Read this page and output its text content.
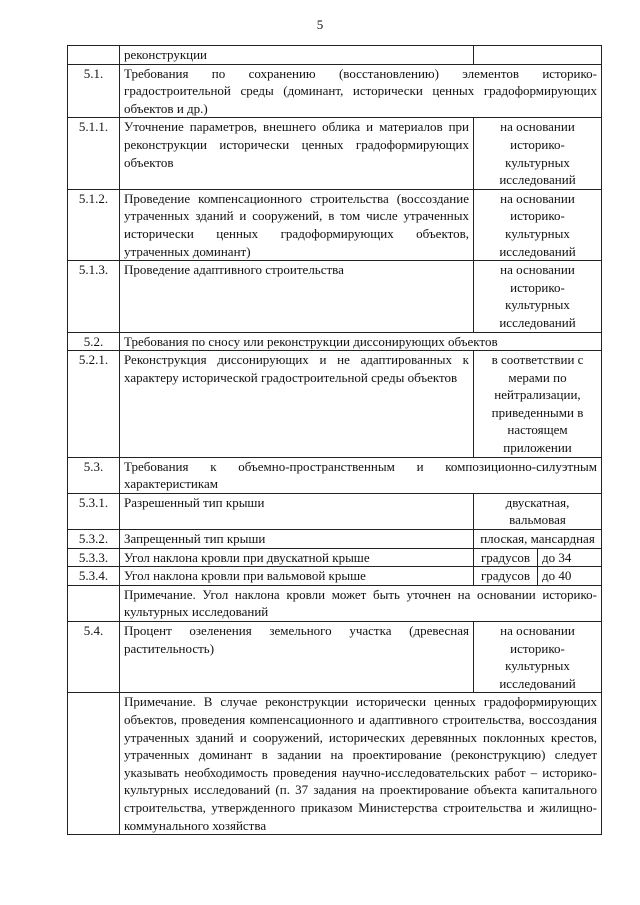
5
	реконструкции		
5.1.	Требования по сохранению (восстановлению) элементов историко-градостроительной среды (доминант, исторически ценных градоформирующих объектов и др.)		
5.1.1.	Уточнение параметров, внешнего облика и материалов при реконструкции исторически ценных градоформирующих объектов	на основании историко-культурных исследований	
5.1.2.	Проведение компенсационного строительства (воссоздание утраченных зданий и сооружений, в том числе утраченных исторически ценных градоформирующих объектов, утраченных доминант)	на основании историко-культурных исследований	
5.1.3.	Проведение адаптивного строительства	на основании историко-культурных исследований	
5.2.	Требования по сносу или реконструкции диссонирующих объектов		
5.2.1.	Реконструкция диссонирующих и не адаптированных к характеру исторической градостроительной среды объектов	в соответствии с мерами по нейтрализации, приведенными в настоящем приложении	
5.3.	Требования к объемно-пространственным и композиционно-силуэтным характеристикам		
5.3.1.	Разрешенный тип крыши	двускатная, вальмовая	
5.3.2.	Запрещенный тип крыши	плоская, мансардная	
5.3.3.	Угол наклона кровли при двускатной крыше	градусов	до 34
5.3.4.	Угол наклона кровли при вальмовой крыше	градусов	до 40
	Примечание. Угол наклона кровли может быть уточнен на основании историко-культурных исследований		
5.4.	Процент озеленения земельного участка (древесная растительность)	на основании историко-культурных исследований	
	Примечание. В случае реконструкции исторически ценных градоформирующих объектов, проведения компенсационного и адаптивного строительства, воссоздания утраченных зданий и сооружений, исторических деревянных поклонных крестов, утраченных доминант в задании на проектирование (реконструкцию) следует указывать необходимость проведения научно-исследовательских работ – историко-культурных исследований (п. 37 задания на проектирование объекта капитального строительства, утвержденного приказом Министерства строительства и жилищно-коммунального хозяйства		
